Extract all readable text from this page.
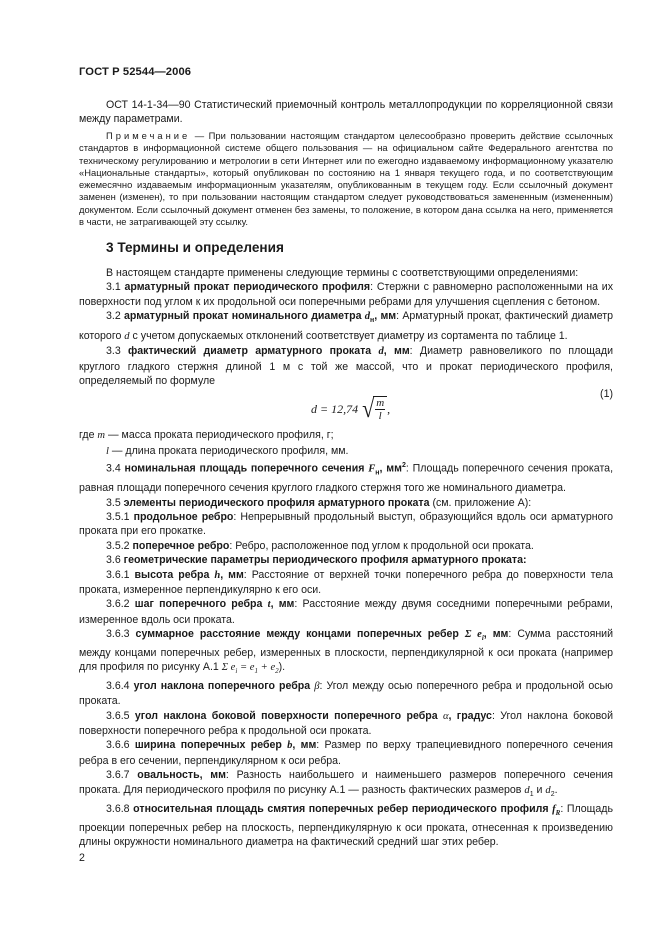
ГОСТ Р 52544—2006

ОСТ 14-1-34—90 Статистический приемочный контроль металлопродукции по корреляционной связи между параметрами.

Примечание — При пользовании настоящим стандартом целесообразно проверить действие ссылочных стандартов в информационной системе общего пользования — на официальном сайте Федерального агентства по техническому регулированию и метрологии в сети Интернет или по ежегодно издаваемому информационному указателю «Национальные стандарты», который опубликован по состоянию на 1 января текущего года, и по соответствующим ежемесячно издаваемым информационным указателям, опубликованным в текущем году. Если ссылочный документ заменен (изменен), то при пользовании настоящим стандартом следует руководствоваться замененным (измененным) документом. Если ссылочный документ отменен без замены, то положение, в котором дана ссылка на него, применяется в части, не затрагивающей эту ссылку.

3 Термины и определения

В настоящем стандарте применены следующие термины с соответствующими определениями:

3.1 арматурный прокат периодического профиля: Стержни с равномерно расположенными на их поверхности под углом к их продольной оси поперечными ребрами для улучшения сцепления с бетоном.

3.2 арматурный прокат номинального диаметра $d_н$, мм: Арматурный прокат, фактический диаметр которого d с учетом допускаемых отклонений соответствует диаметру из сортамента по таблице 1.

3.3 фактический диаметр арматурного проката d, мм: Диаметр равновеликого по площади круглого гладкого стержня длиной 1 м с той же массой, что и прокат периодического профиля, определяемый по формуле

d = 12,74 √ $\frac{m}{l}$ ,
(1)

где m — масса проката периодического профиля, г;

l — длина проката периодического профиля, мм.

3.4 номинальная площадь поперечного сечения $F_н$, $мм^2$: Площадь поперечного сечения проката, равная площади поперечного сечения круглого гладкого стержня того же номинального диаметра.

3.5 элементы периодического профиля арматурного проката (см. приложение А):

3.5.1 продольное ребро: Непрерывный продольный выступ, образующийся вдоль оси арматурного проката при его прокатке.

3.5.2 поперечное ребро: Ребро, расположенное под углом к продольной оси проката.

3.6 геометрические параметры периодического профиля арматурного проката:

3.6.1 высота ребра h, мм: Расстояние от верхней точки поперечного ребра до поверхности тела проката, измеренное перпендикулярно к его оси.

3.6.2 шаг поперечного ребра t, мм: Расстояние между двумя соседними поперечными ребрами, измеренное вдоль оси проката.

3.6.3 суммарное расстояние между концами поперечных ребер Σ $e_i$, мм: Сумма расстояний между концами поперечных ребер, измеренных в плоскости, перпендикулярной к оси проката (например для профиля по рисунку А.1 Σ $e_i = e_1 + e_2$).

3.6.4 угол наклона поперечного ребра β: Угол между осью поперечного ребра и продольной осью проката.

3.6.5 угол наклона боковой поверхности поперечного ребра α, градус: Угол наклона боковой поверхности поперечного ребра к продольной оси проката.

3.6.6 ширина поперечных ребер b, мм: Размер по верху трапециевидного поперечного сечения ребра в его сечении, перпендикулярном к оси ребра.

3.6.7 овальность, мм: Разность наибольшего и наименьшего размеров поперечного сечения проката. Для периодического профиля по рисунку А.1 — разность фактических размеров $d_1$ и $d_2$.

3.6.8 относительная площадь смятия поперечных ребер периодического профиля $f_R$: Площадь проекции поперечных ребер на плоскость, перпендикулярную к оси проката, отнесенная к произведению длины окружности номинального диаметра на фактический средний шаг этих ребер.

2
